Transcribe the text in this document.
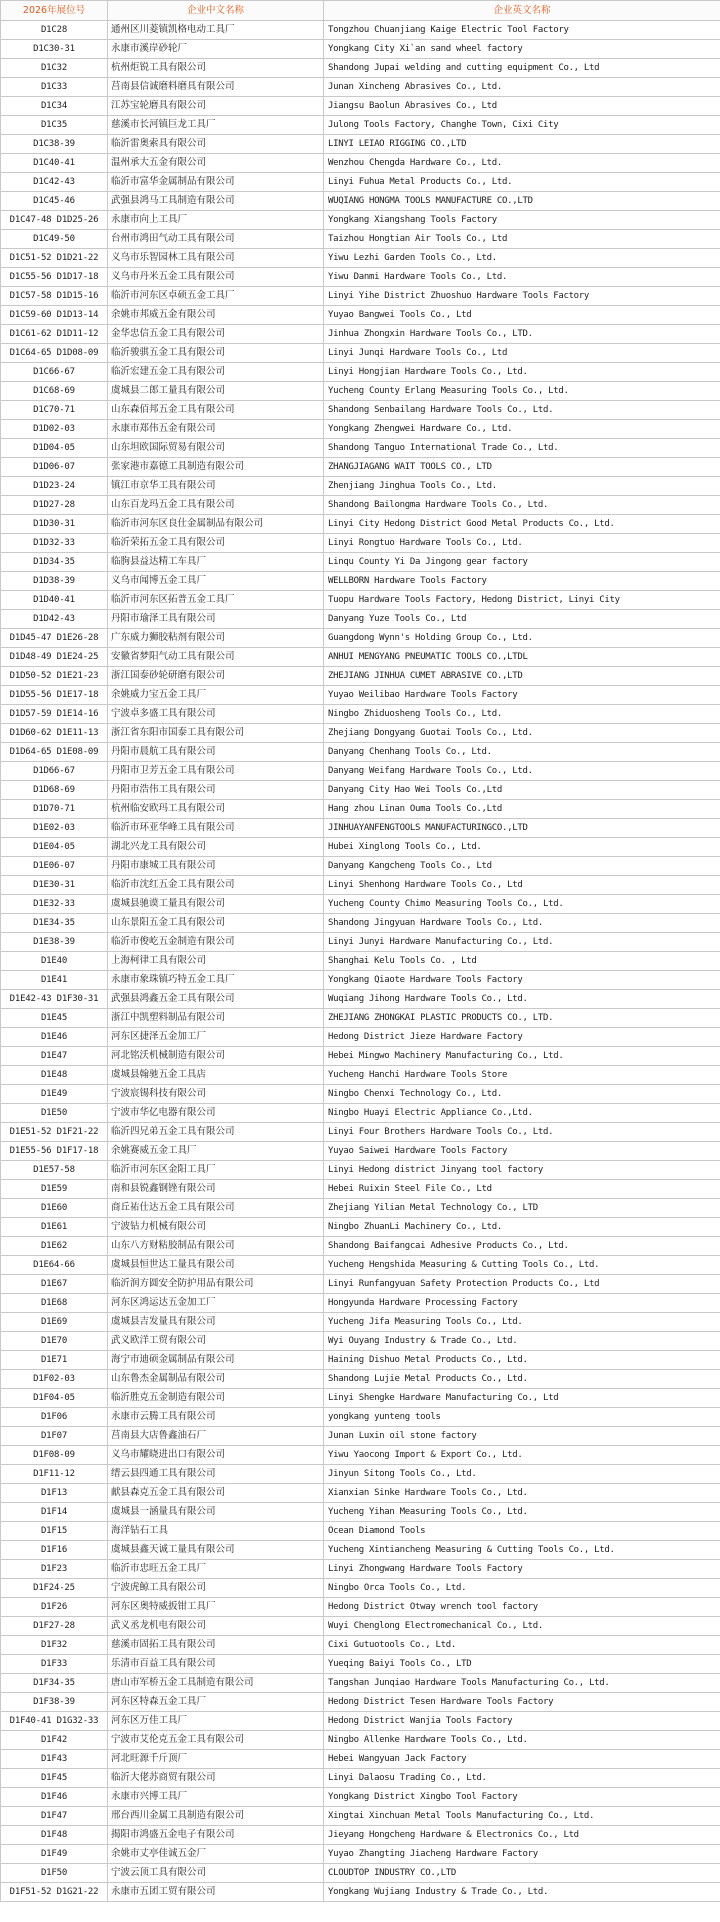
2026年展位号	企业中文名称	企业英文名称
D1C28	通州区川菱镇凯格电动工具厂	Tongzhou Chuanjiang Kaige Electric Tool Factory
D1C30-31	永康市溪岸砂轮厂	Yongkang City Xi`an sand wheel factory
D1C32	杭州炬锐工具有限公司	Shandong Jupai welding and cutting equipment Co., Ltd
D1C33	莒南县信诚磨料磨具有限公司	Junan Xincheng Abrasives Co., Ltd.
D1C34	江苏宝轮磨具有限公司	Jiangsu Baolun Abrasives Co., Ltd
D1C35	慈溪市长河镇巨龙工具厂	Julong Tools Factory, Changhe Town, Cixi City
D1C38-39	临沂雷奥索具有限公司	LINYI LEIAO RIGGING CO.,LTD
D1C40-41	温州承大五金有限公司	Wenzhou Chengda Hardware Co., Ltd.
D1C42-43	临沂市富华金属制品有限公司	Linyi Fuhua Metal Products Co., Ltd.
D1C45-46	武强县鸿马工具制造有限公司	WUQIANG HONGMA TOOLS MANUFACTURE CO.,LTD
D1C47-48 D1D25-26	永康市向上工具厂	Yongkang Xiangshang Tools Factory
D1C49-50	台州市鸿田气动工具有限公司	Taizhou Hongtian Air Tools Co., Ltd
D1C51-52 D1D21-22	义乌市乐智园林工具有限公司	Yiwu Lezhi Garden Tools Co., Ltd.
D1C55-56 D1D17-18	义乌市丹米五金工具有限公司	Yiwu Danmi Hardware Tools Co., Ltd.
D1C57-58 D1D15-16	临沂市河东区卓硕五金工具厂	Linyi Yihe District Zhuoshuo Hardware Tools Factory
D1C59-60 D1D13-14	余姚市邦威五金有限公司	Yuyao Bangwei Tools Co., Ltd
D1C61-62 D1D11-12	金华忠信五金工具有限公司	Jinhua Zhongxin Hardware Tools Co., LTD.
D1C64-65 D1D08-09	临沂骏骐五金工具有限公司	Linyi Junqi Hardware Tools Co., Ltd
D1C66-67	临沂宏建五金工具有限公司	Linyi Hongjian Hardware Tools Co., Ltd.
D1C68-69	虞城县二郎工量具有限公司	Yucheng County Erlang Measuring Tools Co., Ltd.
D1C70-71	山东森佰邦五金工具有限公司	Shandong Senbailang Hardware Tools Co., Ltd.
D1D02-03	永康市郑伟五金有限公司	Yongkang Zhengwei Hardware Co., Ltd.
D1D04-05	山东坦欧国际贸易有限公司	Shandong Tanguo International Trade Co., Ltd.
D1D06-07	张家港市嘉德工具制造有限公司	ZHANGJIAGANG WAIT TOOLS CO., LTD
D1D23-24	镇江市京华工具有限公司	Zhenjiang Jinghua Tools Co., Ltd.
D1D27-28	山东百龙玛五金工具有限公司	Shandong Bailongma Hardware Tools Co., Ltd.
D1D30-31	临沂市河东区良仕金属制品有限公司	Linyi City Hedong District Good Metal Products Co., Ltd.
D1D32-33	临沂荣拓五金工具有限公司	Linyi Rongtuo Hardware Tools Co., Ltd.
D1D34-35	临朐县益达精工车具厂	Linqu County Yi Da Jingong gear factory
D1D38-39	义乌市闻博五金工具厂	WELLBORN Hardware Tools Factory
D1D40-41	临沂市河东区拓普五金工具厂	Tuopu Hardware Tools Factory, Hedong District, Linyi City
D1D42-43	丹阳市瑜泽工具有限公司	Danyang Yuze Tools Co., Ltd
D1D45-47 D1E26-28	广东威力狮胶粘剂有限公司	Guangdong Wynn's Holding Group Co., Ltd.
D1D48-49 D1E24-25	安徽省梦阳气动工具有限公司	ANHUI MENGYANG PNEUMATIC TOOLS CO.,LTDL
D1D50-52 D1E21-23	浙江国泰砂轮研磨有限公司	ZHEJIANG JINHUA CUMET ABRASIVE CO.,LTD
D1D55-56 D1E17-18	余姚威力宝五金工具厂	Yuyao Weilibao Hardware Tools Factory
D1D57-59 D1E14-16	宁波卓多盛工具有限公司	Ningbo Zhiduosheng Tools Co., Ltd.
D1D60-62 D1E11-13	浙江省东阳市国泰工具有限公司	Zhejiang Dongyang Guotai Tools Co., Ltd.
D1D64-65 D1E08-09	丹阳市晨航工具有限公司	Danyang Chenhang Tools Co., Ltd.
D1D66-67	丹阳市卫芳五金工具有限公司	Danyang Weifang Hardware Tools Co., Ltd.
D1D68-69	丹阳市浩伟工具有限公司	Danyang City Hao Wei Tools Co.,Ltd
D1D70-71	杭州临安欧玛工具有限公司	Hang zhou Linan Ouma Tools Co.,Ltd
D1E02-03	临沂市环亚华峰工具有限公司	JINHUAYANFENGTOOLS MANUFACTURINGCO.,LTD
D1E04-05	湖北兴龙工具有限公司	Hubei Xinglong Tools Co., Ltd.
D1E06-07	丹阳市康城工具有限公司	Danyang Kangcheng Tools Co., Ltd
D1E30-31	临沂市沈红五金工具有限公司	Linyi Shenhong Hardware Tools Co., Ltd
D1E32-33	虞城县驰谟工量具有限公司	Yucheng County Chimo Measuring Tools Co., Ltd.
D1E34-35	山东景阳五金工具有限公司	Shandong Jingyuan Hardware Tools Co., Ltd.
D1E38-39	临沂市俊屹五金制造有限公司	Linyi Junyi Hardware Manufacturing Co., Ltd.
D1E40	上海柯律工具有限公司	Shanghai Kelu Tools Co. , Ltd
D1E41	永康市象珠镇巧特五金工具厂	Yongkang Qiaote Hardware Tools Factory
D1E42-43 D1F30-31	武强县鸿鑫五金工具有限公司	Wuqiang Jihong Hardware Tools Co., Ltd.
D1E45	浙江中凯塑料制品有限公司	ZHEJIANG ZHONGKAI PLASTIC PRODUCTS CO., LTD.
D1E46	河东区捷泽五金加工厂	Hedong District Jieze Hardware Factory
D1E47	河北铭沃机械制造有限公司	Hebei Mingwo Machinery Manufacturing Co., Ltd.
D1E48	虞城县翰驰五金工具店	Yucheng Hanchi Hardware Tools Store
D1E49	宁波宸锡科技有限公司	Ningbo Chenxi Technology Co., Ltd.
D1E50	宁波市华亿电器有限公司	Ningbo Huayi Electric Appliance Co.,Ltd.
D1E51-52 D1F21-22	临沂四兄弟五金工具有限公司	Linyi Four Brothers Hardware Tools Co., Ltd.
D1E55-56 D1F17-18	余姚赛威五金工具厂	Yuyao Saiwei Hardware Tools Factory
D1E57-58	临沂市河东区金阳工具厂	Linyi Hedong district Jinyang tool factory
D1E59	南和县锐鑫钢锉有限公司	Hebei Ruixin Steel File Co., Ltd
D1E60	商丘祐仕达五金工具有限公司	Zhejiang Yilian Metal Technology Co., LTD
D1E61	宁波钻力机械有限公司	Ningbo ZhuanLi Machinery Co., Ltd.
D1E62	山东八方财粘胶制品有限公司	Shandong Baifangcai Adhesive Products Co., Ltd.
D1E64-66	虞城县恒世达工量具有限公司	Yucheng Hengshida Measuring & Cutting Tools Co., Ltd.
D1E67	临沂润方圆安全防护用品有限公司	Linyi Runfangyuan Safety Protection Products Co., Ltd
D1E68	河东区鸿运达五金加工厂	Hongyunda Hardware Processing Factory
D1E69	虞城县吉发量具有限公司	Yucheng Jifa Measuring Tools Co., Ltd.
D1E70	武义欧洋工贸有限公司	Wyi Ouyang Industry & Trade Co., Ltd.
D1E71	海宁市迪硕金属制品有限公司	Haining Dishuo Metal Products Co., Ltd.
D1F02-03	山东鲁杰金属制品有限公司	Shandong Lujie Metal Products Co., Ltd.
D1F04-05	临沂胜克五金制造有限公司	Linyi Shengke Hardware Manufacturing Co., Ltd
D1F06	永康市云腾工具有限公司	yongkang yunteng tools
D1F07	莒南县大店鲁鑫油石厂	Junan Luxin oil stone factory
D1F08-09	义乌市耀晓进出口有限公司	Yiwu Yaocong Import & Export Co., Ltd.
D1F11-12	缙云县四通工具有限公司	Jinyun Sitong Tools Co., Ltd.
D1F13	献县森克五金工具有限公司	Xianxian Sinke Hardware Tools Co., Ltd.
D1F14	虞城县一涵量具有限公司	Yucheng Yihan Measuring Tools Co., Ltd.
D1F15	海洋钻石工具	Ocean Diamond Tools
D1F16	虞城县鑫天诚工量具有限公司	Yucheng Xintiancheng Measuring & Cutting Tools Co., Ltd.
D1F23	临沂市忠旺五金工具厂	Linyi Zhongwang Hardware Tools Factory
D1F24-25	宁波虎鲸工具有限公司	Ningbo Orca Tools Co., Ltd.
D1F26	河东区奥特威扳钳工具厂	Hedong District Otway wrench tool factory
D1F27-28	武义丞龙机电有限公司	Wuyi Chenglong Electromechanical Co., Ltd.
D1F32	慈溪市固拓工具有限公司	Cixi Gutuotools Co., Ltd.
D1F33	乐清市百益工具有限公司	Yueqing Baiyi Tools Co., LTD
D1F34-35	唐山市军桥五金工具制造有限公司	Tangshan Junqiao Hardware Tools Manufacturing Co., Ltd.
D1F38-39	河东区特森五金工具厂	Hedong District Tesen Hardware Tools Factory
D1F40-41 D1G32-33	河东区万佳工具厂	Hedong District Wanjia Tools Factory
D1F42	宁波市艾伦克五金工具有限公司	Ningbo Allenke Hardware Tools Co., Ltd.
D1F43	河北旺源千斤顶厂	Hebei Wangyuan Jack Factory
D1F45	临沂大佬苏商贸有限公司	Linyi Dalaosu Trading Co., Ltd.
D1F46	永康市兴博工具厂	Yongkang District Xingbo Tool Factory
D1F47	邢台西川金属工具制造有限公司	Xingtai Xinchuan Metal Tools Manufacturing Co., Ltd.
D1F48	揭阳市鸿盛五金电子有限公司	Jieyang Hongcheng Hardware & Electronics Co., Ltd
D1F49	余姚市丈亭佳诚五金厂	Yuyao Zhangting Jiacheng Hardware Factory
D1F50	宁波云顶工具有限公司	CLOUDTOP INDUSTRY CO.,LTD
D1F51-52 D1G21-22	永康市五团工贸有限公司	Yongkang Wujiang Industry & Trade Co., Ltd.
